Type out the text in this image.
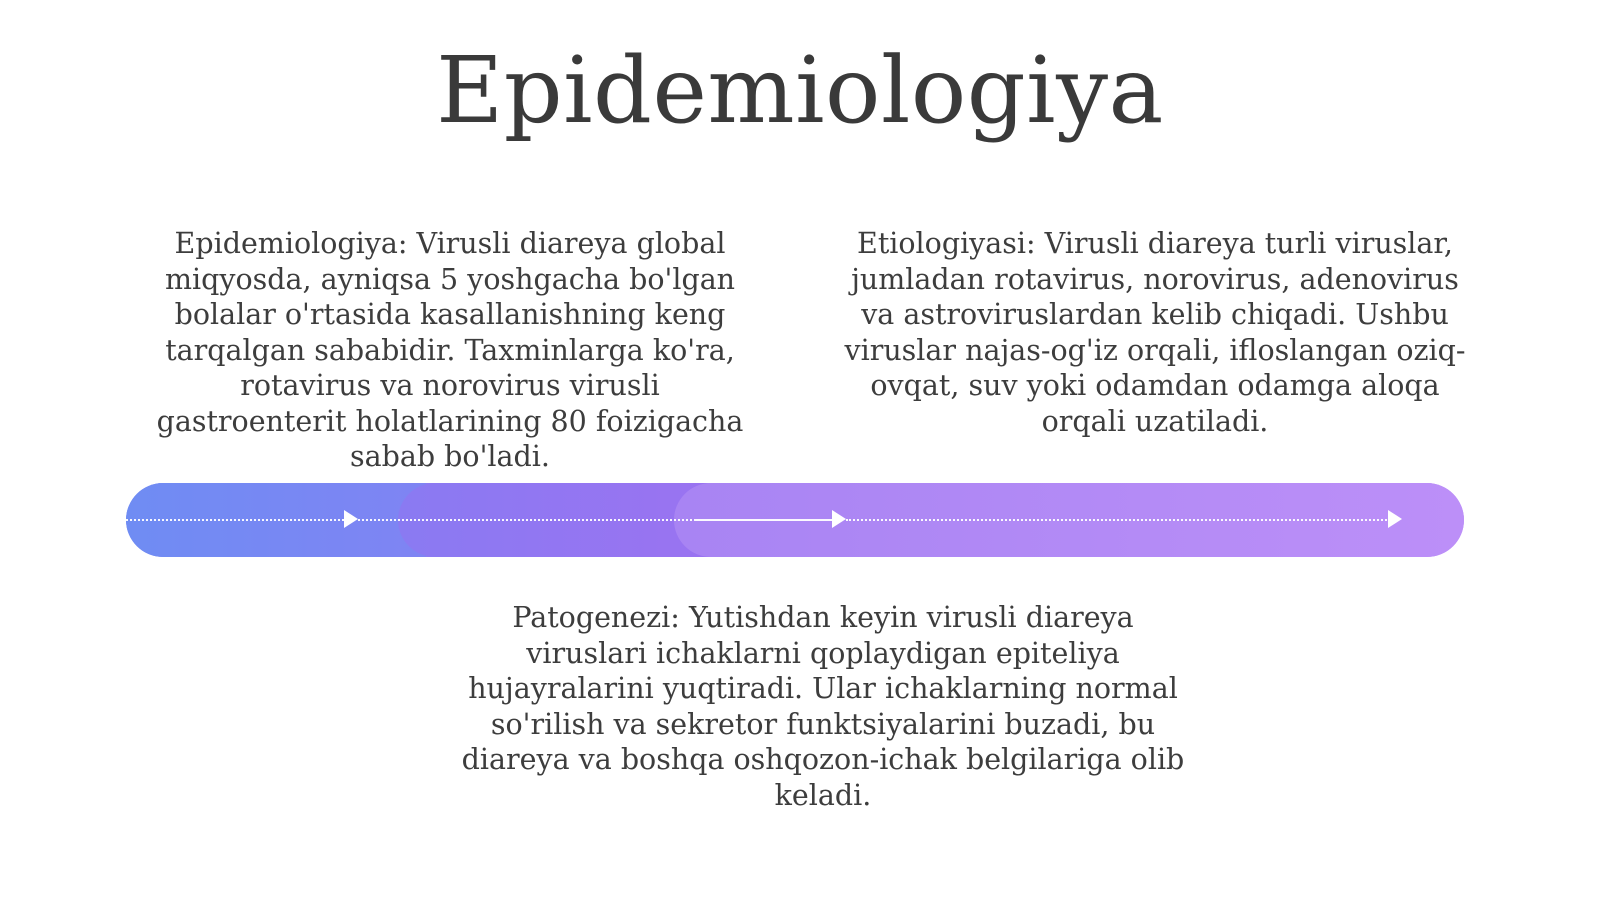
Epidemiologiya
Epidemiologiya: Virusli diareya global miqyosda, ayniqsa 5 yoshgacha bo'lgan bolalar o'rtasida kasallanishning keng tarqalgan sababidir. Taxminlarga ko'ra, rotavirus va norovirus virusli gastroenterit holatlarining 80 foizigacha sabab bo'ladi.
Etiologiyasi: Virusli diareya turli viruslar, jumladan rotavirus, norovirus, adenovirus va astroviruslardan kelib chiqadi. Ushbu viruslar najas-og'iz orqali, ifloslangan oziq-ovqat, suv yoki odamdan odamga aloqa orqali uzatiladi.
Patogenezi: Yutishdan keyin virusli diareya viruslari ichaklarni qoplaydigan epiteliya hujayralarini yuqtiradi. Ular ichaklarning normal so'rilish va sekretor funktsiyalarini buzadi, bu diareya va boshqa oshqozon-ichak belgilariga olib keladi.
